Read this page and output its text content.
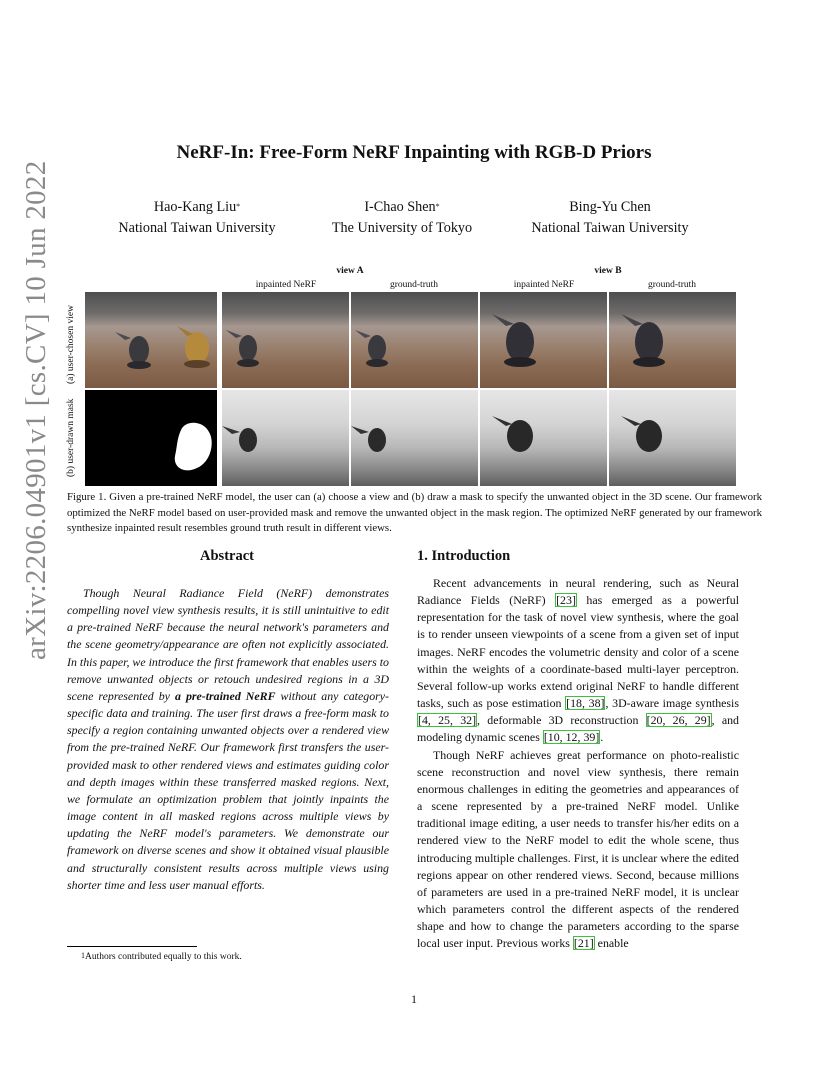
arXiv:2206.04901v1 [cs.CV] 10 Jun 2022
NeRF-In: Free-Form NeRF Inpainting with RGB-D Priors
Hao-Kang Liu*
National Taiwan University
I-Chao Shen*
The University of Tokyo
Bing-Yu Chen
National Taiwan University
view A	view B
inpainted NeRF	ground-truth	inpainted NeRF	ground-truth
(a) user-chosen view
(b) user-drawn mask
Figure 1. Given a pre-trained NeRF model, the user can (a) choose a view and (b) draw a mask to specify the unwanted object in the 3D scene. Our framework optimized the NeRF model based on user-provided mask and remove the unwanted object in the mask region. The optimized NeRF generated by our framework synthesize inpainted result resembles ground truth result in different views.
Abstract

Though Neural Radiance Field (NeRF) demonstrates compelling novel view synthesis results, it is still unintuitive to edit a pre-trained NeRF because the neural network's parameters and the scene geometry/appearance are often not explicitly associated. In this paper, we introduce the first framework that enables users to remove unwanted objects or retouch undesired regions in a 3D scene represented by a pre-trained NeRF without any category-specific data and training. The user first draws a free-form mask to specify a region containing unwanted objects over a rendered view from the pre-trained NeRF. Our framework first transfers the user-provided mask to other rendered views and estimates guiding color and depth images within these transferred masked regions. Next, we formulate an optimization problem that jointly inpaints the image content in all masked regions across multiple views by updating the NeRF model's parameters. We demonstrate our framework on diverse scenes and show it obtained visual plausible and structurally consistent results across multiple views using shorter time and less user manual efforts.

$^1$Authors contributed equally to this work.
1. Introduction

Recent advancements in neural rendering, such as Neural Radiance Fields (NeRF) [23] has emerged as a powerful representation for the task of novel view synthesis, where the goal is to render unseen viewpoints of a scene from a given set of input images. NeRF encodes the volumetric density and color of a scene within the weights of a coordinate-based multi-layer perceptron. Several follow-up works extend original NeRF to handle different tasks, such as pose estimation [18, 38], 3D-aware image synthesis [4, 25, 32], deformable 3D reconstruction [20, 26, 29], and modeling dynamic scenes [10, 12, 39].

Though NeRF achieves great performance on photo-realistic scene reconstruction and novel view synthesis, there remain enormous challenges in editing the geometries and appearances of a scene represented by a pre-trained NeRF model. Unlike traditional image editing, a user needs to transfer his/her edits on a rendered view to the NeRF model to edit the whole scene, thus introducing multiple challenges. First, it is unclear where the edited regions appear on other rendered views. Second, because millions of parameters are used in a pre-trained NeRF model, it is unclear which parameters control the different aspects of the rendered shape and how to change the parameters according to the sparse local user input. Previous works [21] enable

1
